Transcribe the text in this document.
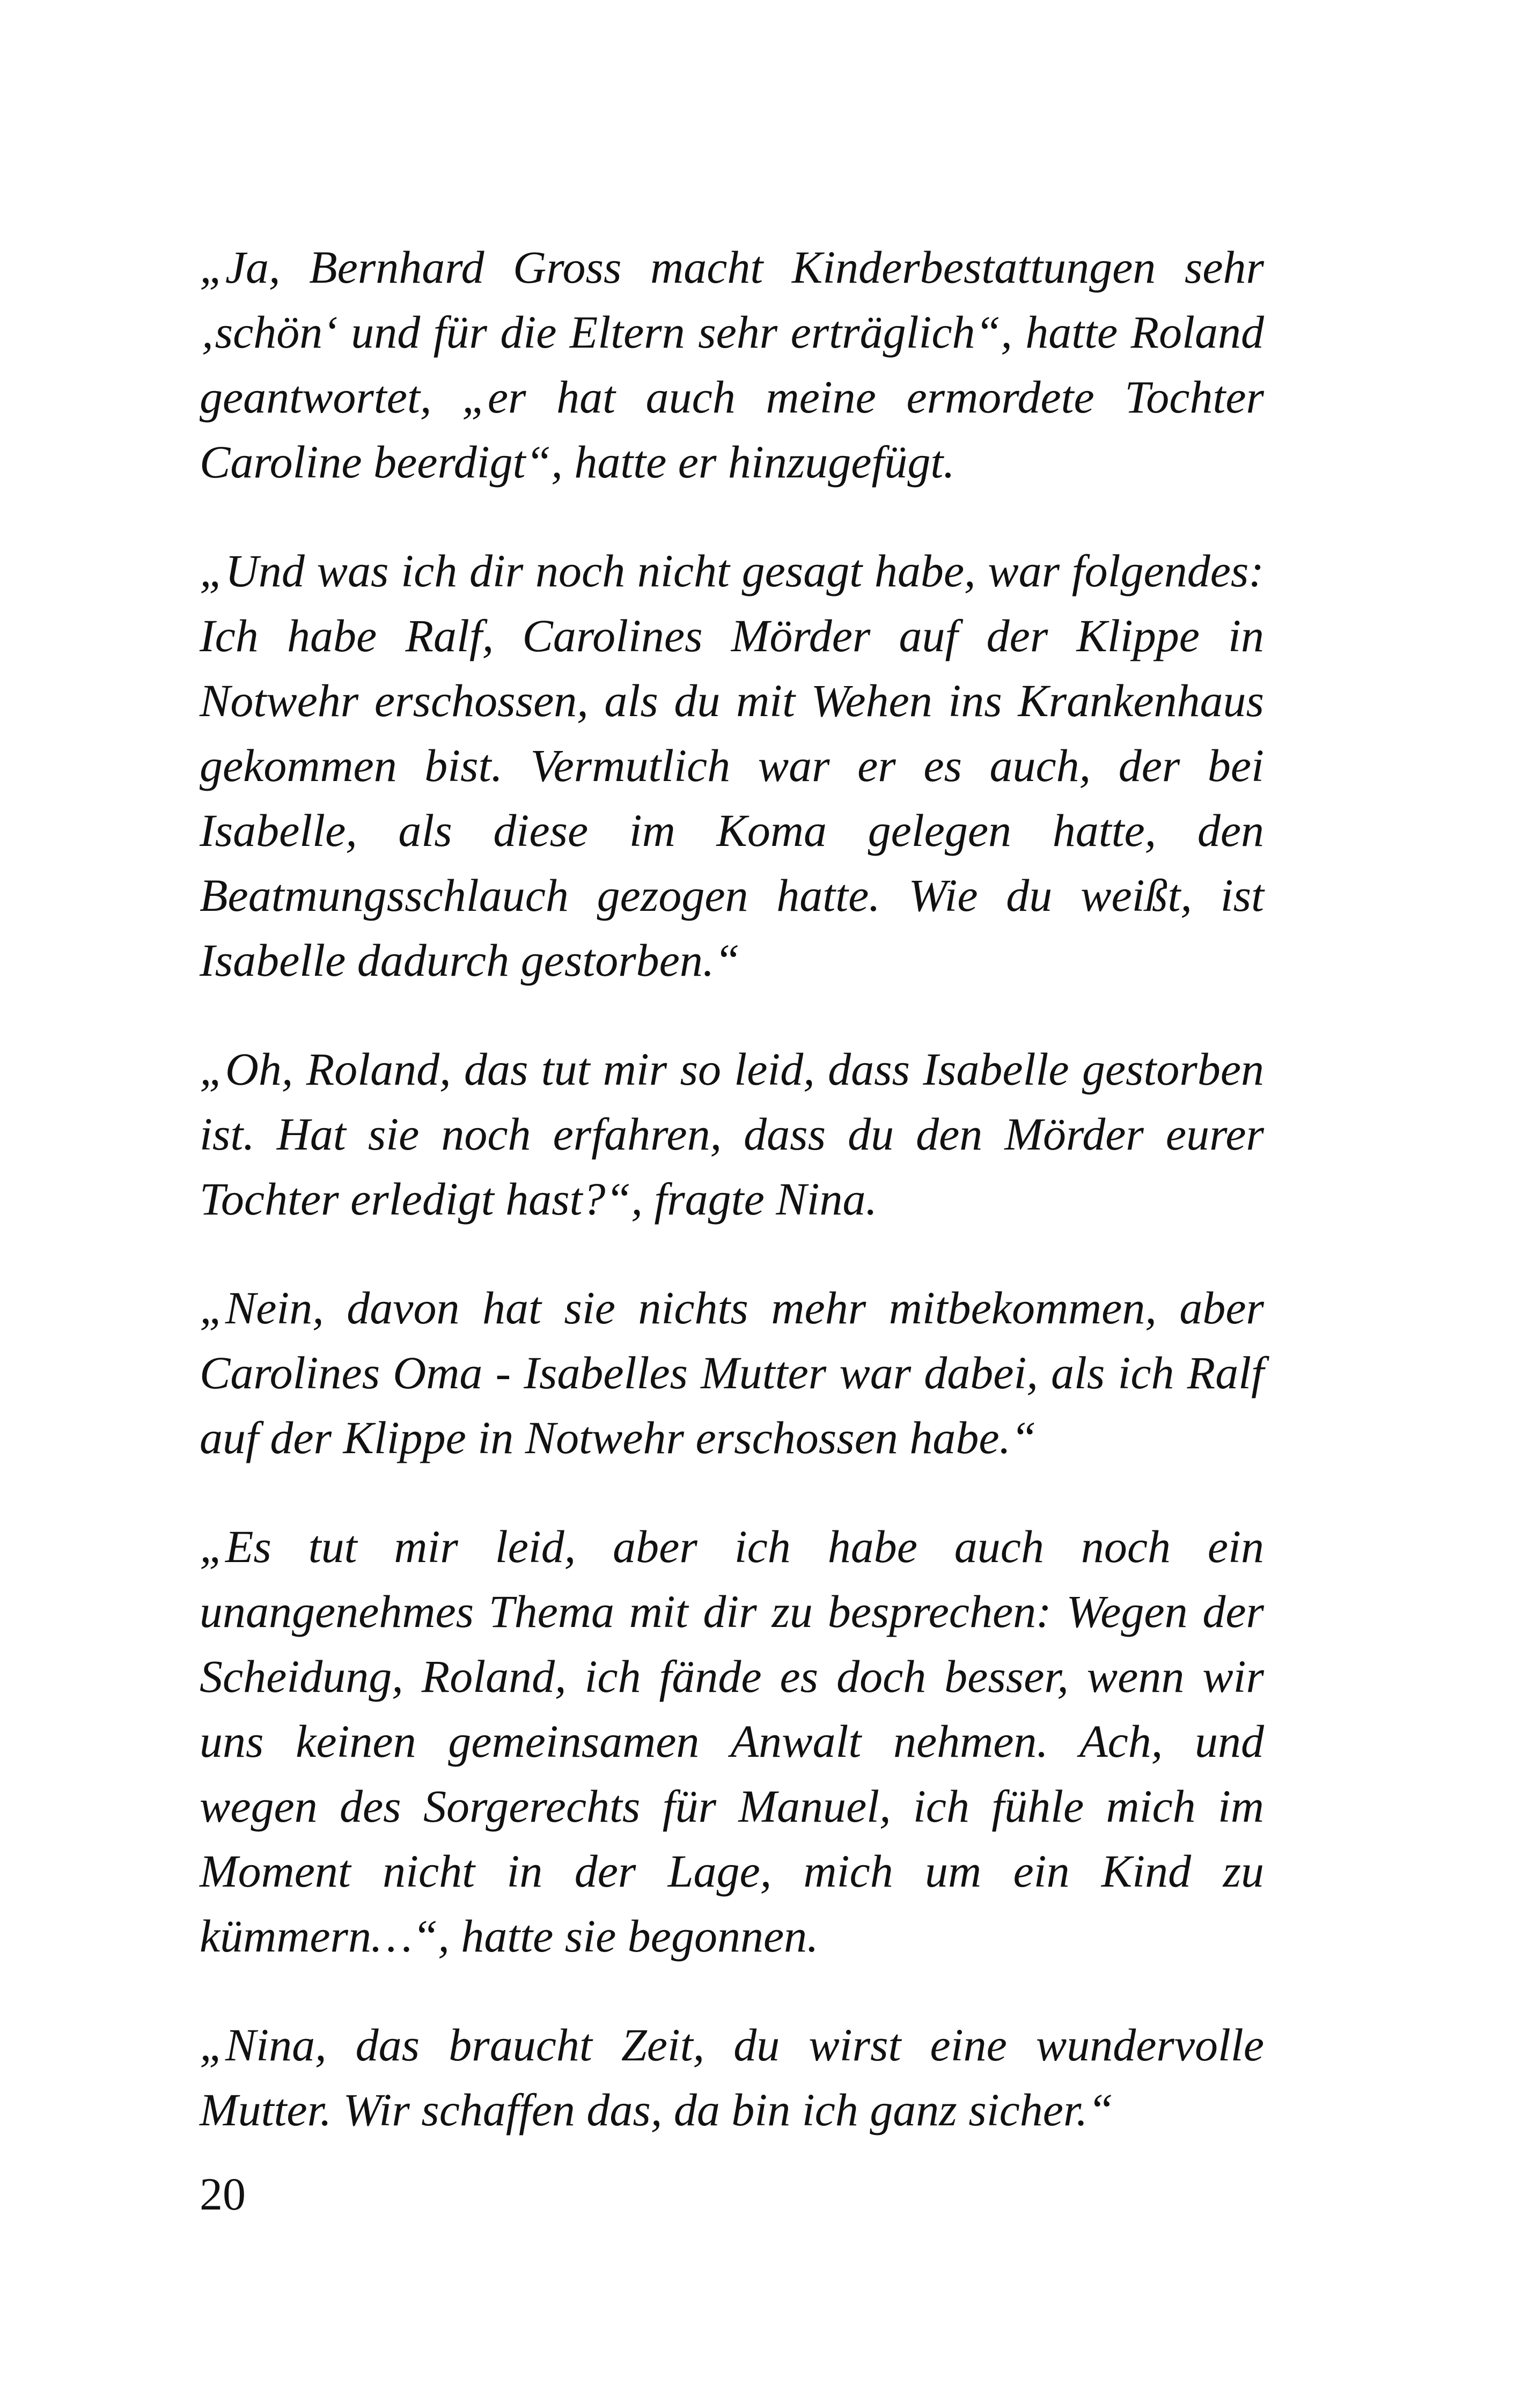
„Ja, Bernhard Gross macht Kinderbestattungen sehr ‚schön‘ und für die Eltern sehr erträglich“, hatte Roland geantwortet, „er hat auch meine ermordete Tochter Caroline beerdigt“, hatte er hinzugefügt.

„Und was ich dir noch nicht gesagt habe, war folgendes: Ich habe Ralf, Carolines Mörder auf der Klippe in Notwehr erschossen, als du mit Wehen ins Krankenhaus gekommen bist. Vermutlich war er es auch, der bei Isabelle, als diese im Koma gelegen hatte, den Beatmungsschlauch gezogen hatte. Wie du weißt, ist Isabelle dadurch gestorben.“

„Oh, Roland, das tut mir so leid, dass Isabelle gestorben ist. Hat sie noch erfahren, dass du den Mörder eurer Tochter erledigt hast?“, fragte Nina.

„Nein, davon hat sie nichts mehr mitbekommen, aber Carolines Oma - Isabelles Mutter war dabei, als ich Ralf auf der Klippe in Notwehr erschossen habe.“

„Es tut mir leid, aber ich habe auch noch ein unangenehmes Thema mit dir zu besprechen: Wegen der Scheidung, Roland, ich fände es doch besser, wenn wir uns keinen gemeinsamen Anwalt nehmen. Ach, und wegen des Sorgerechts für Manuel, ich fühle mich im Moment nicht in der Lage, mich um ein Kind zu kümmern…“, hatte sie begonnen.

„Nina, das braucht Zeit, du wirst eine wundervolle Mutter. Wir schaffen das, da bin ich ganz sicher.“

20
